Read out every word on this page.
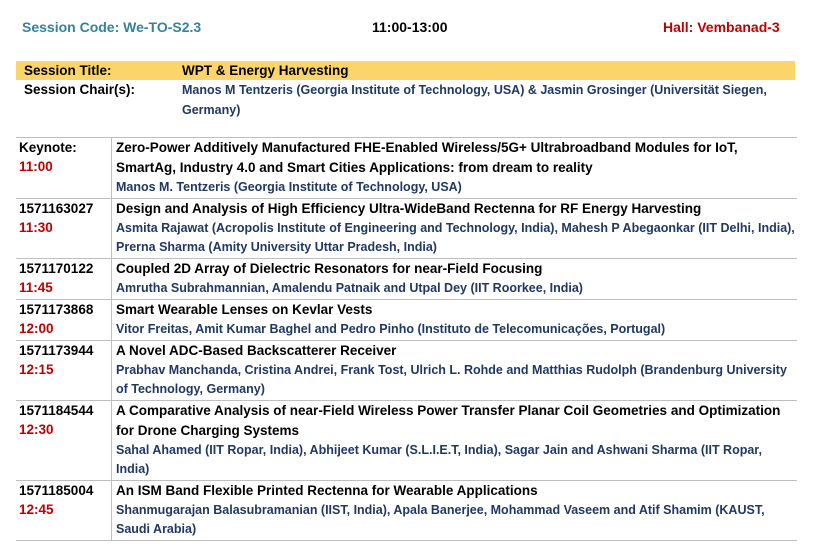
Session Code: We-TO-S2.3	11:00-13:00	Hall: Vembanad-3
Session Title:	WPT & Energy Harvesting
Session Chair(s):	Manos M Tentzeris (Georgia Institute of Technology, USA) & Jasmin Grosinger (Universität Siegen, Germany)
Keynote:
11:00	Zero-Power Additively Manufactured FHE-Enabled Wireless/5G+ Ultrabroadband Modules for IoT, SmartAg, Industry 4.0 and Smart Cities Applications: from dream to reality
Manos M. Tentzeris (Georgia Institute of Technology, USA)

1571163027
11:30	Design and Analysis of High Efficiency Ultra-WideBand Rectenna for RF Energy Harvesting
Asmita Rajawat (Acropolis Institute of Engineering and Technology, India), Mahesh P Abegaonkar (IIT Delhi, India), Prerna Sharma (Amity University Uttar Pradesh, India)

1571170122
11:45	Coupled 2D Array of Dielectric Resonators for near-Field Focusing
Amrutha Subrahmannian, Amalendu Patnaik and Utpal Dey (IIT Roorkee, India)

1571173868
12:00	Smart Wearable Lenses on Kevlar Vests
Vitor Freitas, Amit Kumar Baghel and Pedro Pinho (Instituto de Telecomunicações, Portugal)

1571173944
12:15	A Novel ADC-Based Backscatterer Receiver
Prabhav Manchanda, Cristina Andrei, Frank Tost, Ulrich L. Rohde and Matthias Rudolph (Brandenburg University of Technology, Germany)

1571184544
12:30	A Comparative Analysis of near-Field Wireless Power Transfer Planar Coil Geometries and Optimization for Drone Charging Systems
Sahal Ahamed (IIT Ropar, India), Abhijeet Kumar (S.L.I.E.T, India), Sagar Jain and Ashwani Sharma (IIT Ropar, India)

1571185004
12:45	An ISM Band Flexible Printed Rectenna for Wearable Applications
Shanmugarajan Balasubramanian (IIST, India), Apala Banerjee, Mohammad Vaseem and Atif Shamim (KAUST, Saudi Arabia)
